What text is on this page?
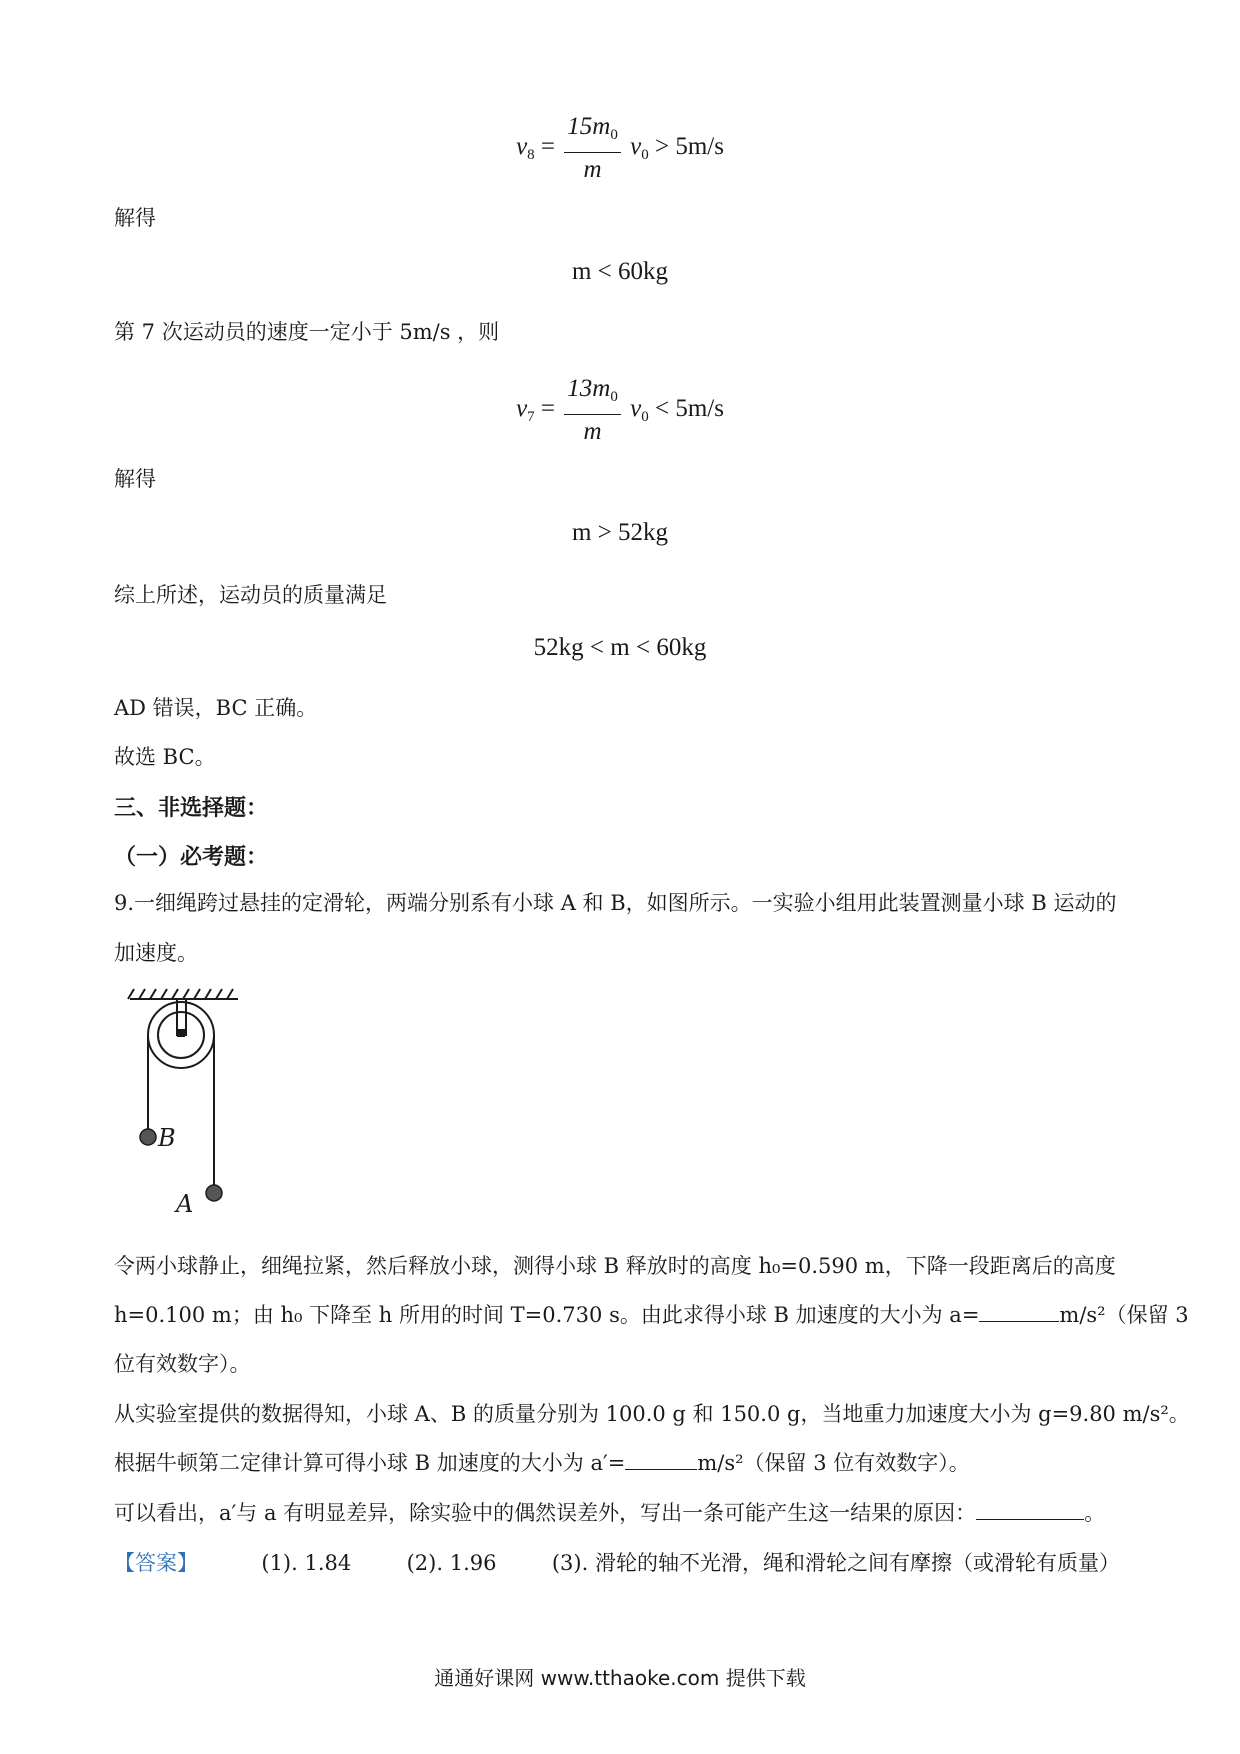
$v_8 = \frac{15m_0}{m} v_0 > 5m/s$
解得
m < 60kg
第 7 次运动员的速度一定小于 5m/s ，则
$v_7 = \frac{13m_0}{m} v_0 < 5m/s$
解得
m > 52kg
综上所述，运动员的质量满足
52kg < m < 60kg
AD 错误，BC 正确。
故选 BC。
三、非选择题：
（一）必考题：
9.一细绳跨过悬挂的定滑轮，两端分别系有小球 A 和 B，如图所示。一实验小组用此装置测量小球 B 运动的
加速度。
B
A
令两小球静止，细绳拉紧，然后释放小球，测得小球 B 释放时的高度 h₀=0.590 m，下降一段距离后的高度
h=0.100 m；由 h₀ 下降至 h 所用的时间 T=0.730 s。由此求得小球 B 加速度的大小为 a=	m/s²（保留 3
位有效数字）。
从实验室提供的数据得知，小球 A、B 的质量分别为 100.0 g 和 150.0 g，当地重力加速度大小为 g=9.80 m/s²。
根据牛顿第二定律计算可得小球 B 加速度的大小为 a′=	m/s²（保留 3 位有效数字）。
可以看出，a′与 a 有明显差异，除实验中的偶然误差外，写出一条可能产生这一结果的原因：	。
【答案】	(1). 1.84	(2). 1.96	(3). 滑轮的轴不光滑，绳和滑轮之间有摩擦（或滑轮有质量）
通通好课网 www.tthaoke.com 提供下载
